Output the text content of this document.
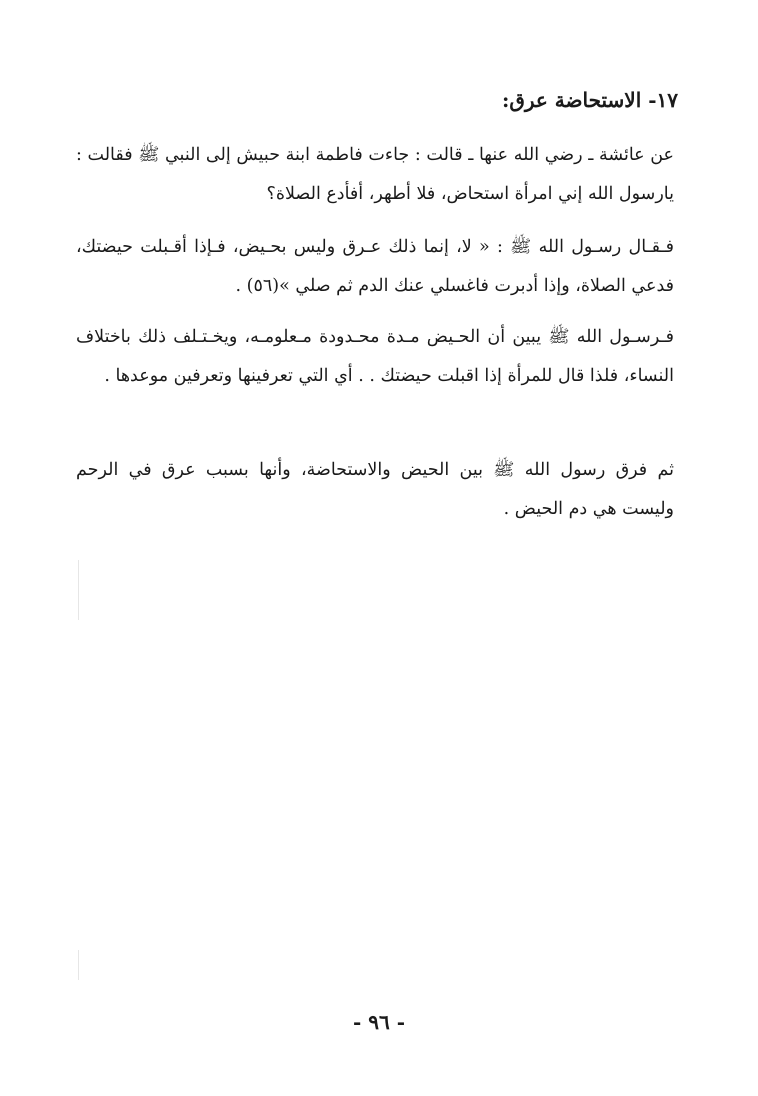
١٧- الاستحاضة عرق:
عن عائشة ـ رضي الله عنها ـ قالت : جاءت فاطمة ابنة حبيش إلى النبي ﷺ فقالت : يارسول الله إني امرأة استحاض، فلا أطهر، أفأدع الصلاة؟
فـقـال رسـول الله ﷺ : « لا، إنما ذلك عـرق وليس بحـيض، فـإذا أقـبلت حيضتك، فدعي الصلاة، وإذا أدبرت فاغسلي عنك الدم ثم صلي »(٥٦) .
فـرسـول الله ﷺ يبين أن الحـيض مـدة محـدودة مـعلومـه، ويخـتـلف ذلك باختلاف النساء، فلذا قال للمرأة إذا اقبلت حيضتك . . أي التي تعرفينها وتعرفين موعدها .
ثم فرق رسول الله ﷺ بين الحيض والاستحاضة، وأنها بسبب عرق في الرحم وليست هي دم الحيض .
- ٩٦ -
